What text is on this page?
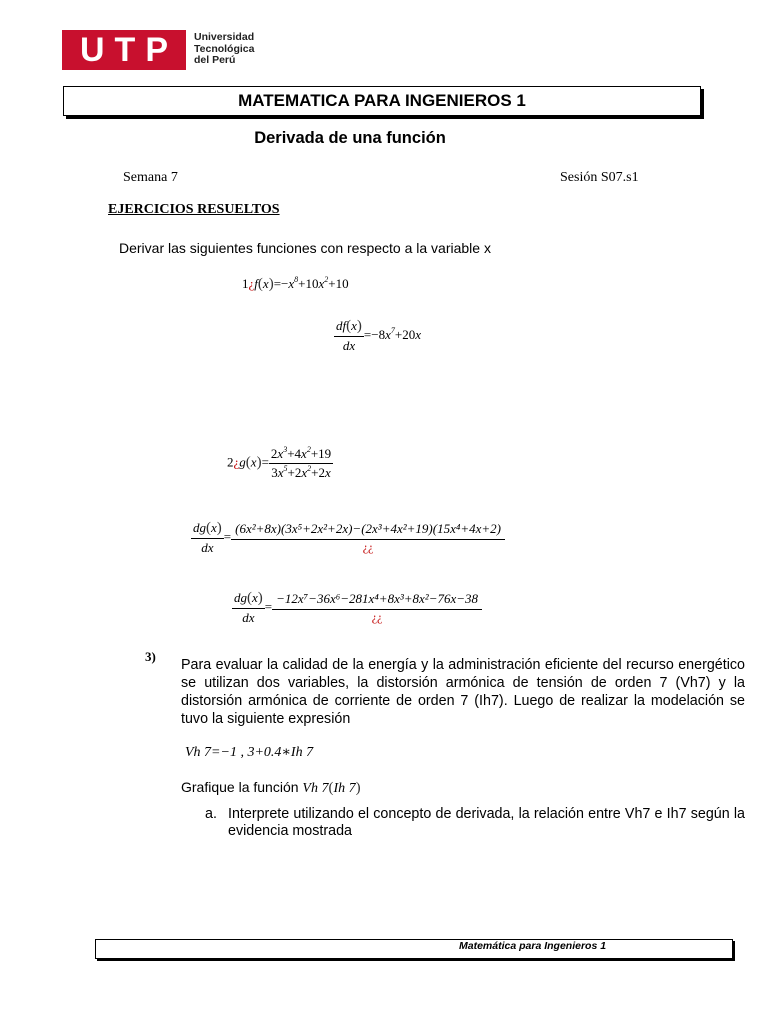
U T P Universidad
Tecnológica
del Perú
MATEMATICA PARA INGENIEROS 1
Derivada de una función
Semana 7	Sesión S07.s1
EJERCICIOS RESUELTOS
Derivar las siguientes funciones con respecto a la variable x
$1¿f(x)=-x^8+10x^2+10$
$\frac{df(x)}{dx} =-8x^7+20x$
2¿g(x)= $\frac{2x^3+4x^2+19}{3x^5+2x^2+2x}$
$\frac{dg(x)}{dx} = \frac{\text{(6x²+8x)(3x⁵+2x²+2x)−(2x³+4x²+19)(15x⁴+4x+2)}}{¿¿}$
$\frac{dg(x)}{dx} = \frac{\text{−12x⁷−36x⁶−281x⁴+8x³+8x²−76x−38}}{¿¿}$
3)
Para evaluar la calidad de la energía y la administración eficiente del recurso energético se utilizan dos variables, la distorsión armónica de tensión de orden 7 (Vh7) y la distorsión armónica de corriente de orden 7 (Ih7). Luego de realizar la modelación se tuvo la siguiente expresión
Vh 7=−1 , 3+0.4∗Ih 7
Grafique la función Vh 7(Ih 7)
a. Interprete utilizando el concepto de derivada, la relación entre Vh7 e Ih7 según la evidencia mostrada
Matemática para Ingenieros 1
